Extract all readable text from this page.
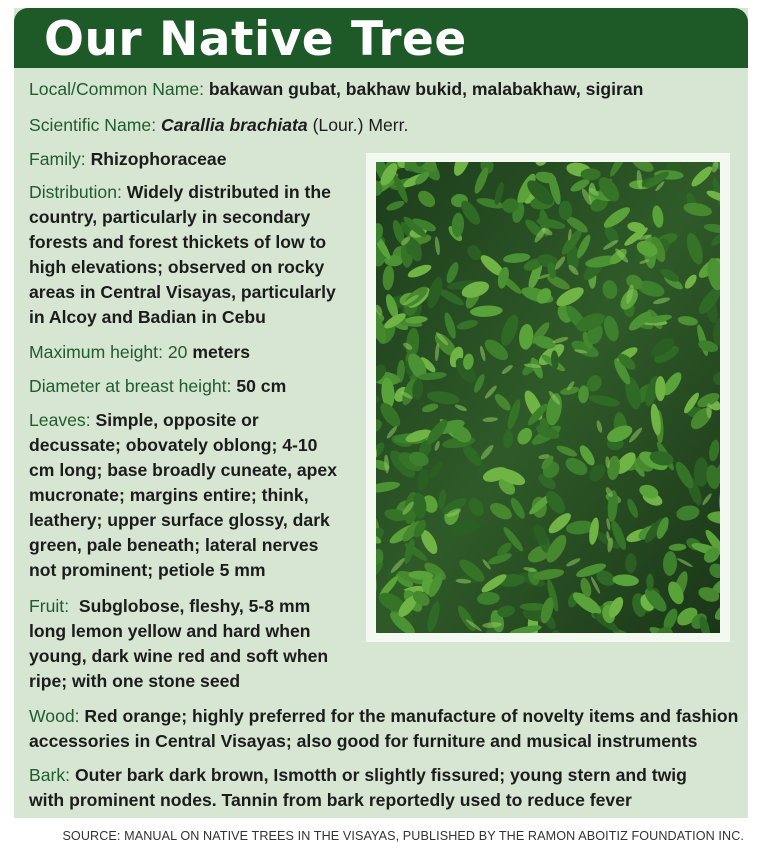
Our Native Tree
Local/Common Name: bakawan gubat, bakhaw bukid, malabakhaw, sigiran
Scientific Name: Carallia brachiata (Lour.) Merr.
Family: Rhizophoraceae
Distribution: Widely distributed in the
country, particularly in secondary
forests and forest thickets of low to
high elevations; observed on rocky
areas in Central Visayas, particularly
in Alcoy and Badian in Cebu
Maximum height: 20 meters
Diameter at breast height: 50 cm
Leaves: Simple, opposite or
decussate; obovately oblong; 4-10
cm long; base broadly cuneate, apex
mucronate; margins entire; think,
leathery; upper surface glossy, dark
green, pale beneath; lateral nerves
not prominent; petiole 5 mm
Fruit: Subglobose, fleshy, 5-8 mm
long lemon yellow and hard when
young, dark wine red and soft when
ripe; with one stone seed
Wood: Red orange; highly preferred for the manufacture of novelty items and fashion
accessories in Central Visayas; also good for furniture and musical instruments
Bark: Outer bark dark brown, Ismotth or slightly fissured; young stern and twig
with prominent nodes. Tannin from bark reportedly used to reduce fever
SOURCE: MANUAL ON NATIVE TREES IN THE VISAYAS, PUBLISHED BY THE RAMON ABOITIZ FOUNDATION INC.
